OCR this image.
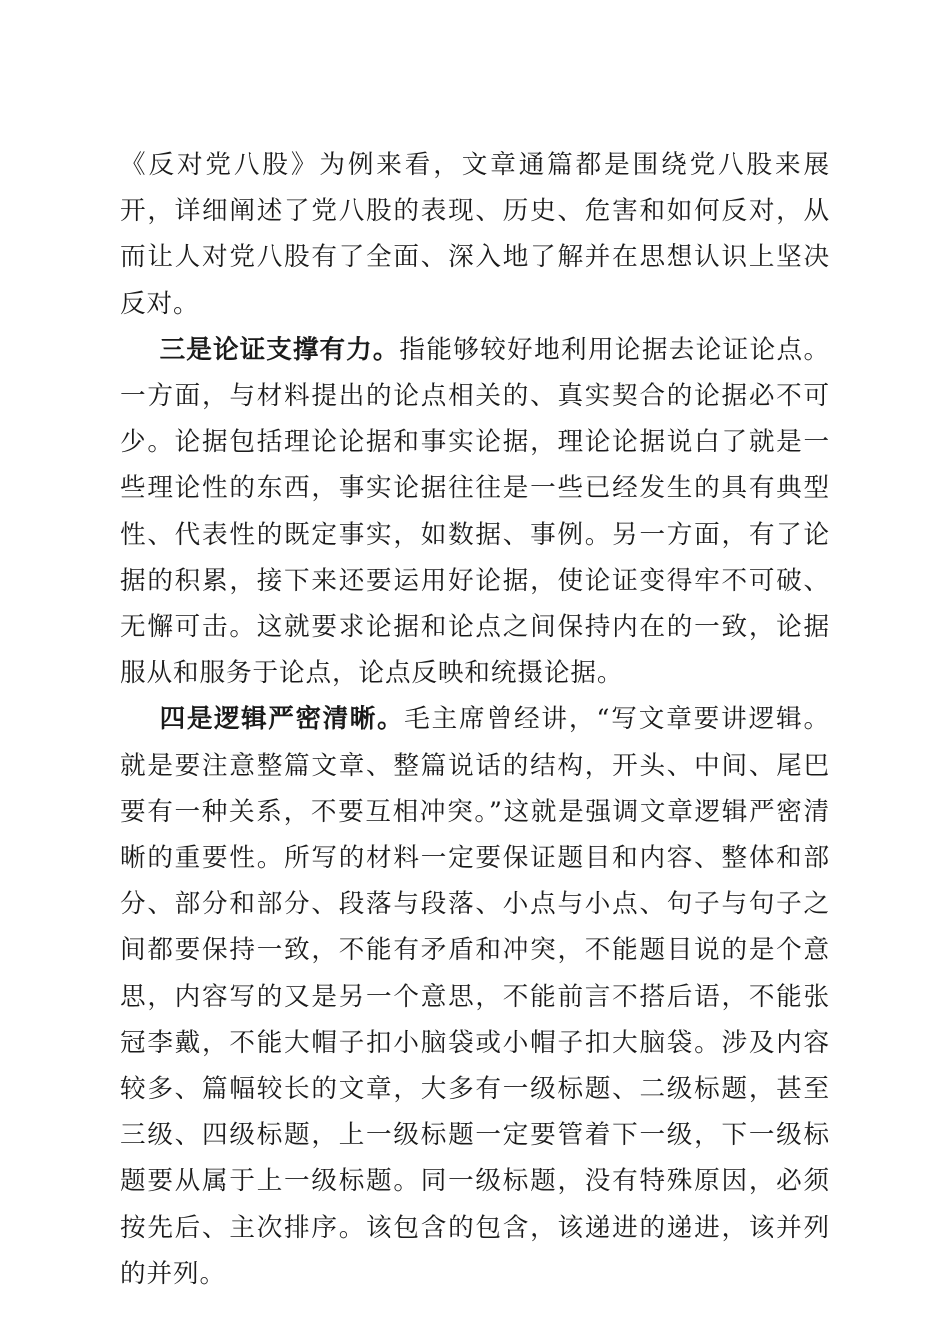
《反对党八股》为例来看，文章通篇都是围绕党八股来展开，详细阐述了党八股的表现、历史、危害和如何反对，从而让人对党八股有了全面、深入地了解并在思想认识上坚决反对。

三是论证支撑有力。指能够较好地利用论据去论证论点。一方面，与材料提出的论点相关的、真实契合的论据必不可少。论据包括理论论据和事实论据，理论论据说白了就是一些理论性的东西，事实论据往往是一些已经发生的具有典型性、代表性的既定事实，如数据、事例。另一方面，有了论据的积累，接下来还要运用好论据，使论证变得牢不可破、无懈可击。这就要求论据和论点之间保持内在的一致，论据服从和服务于论点，论点反映和统摄论据。

四是逻辑严密清晰。毛主席曾经讲，“写文章要讲逻辑。就是要注意整篇文章、整篇说话的结构，开头、中间、尾巴要有一种关系，不要互相冲突。”这就是强调文章逻辑严密清晰的重要性。所写的材料一定要保证题目和内容、整体和部分、部分和部分、段落与段落、小点与小点、句子与句子之间都要保持一致，不能有矛盾和冲突，不能题目说的是个意思，内容写的又是另一个意思，不能前言不搭后语，不能张冠李戴，不能大帽子扣小脑袋或小帽子扣大脑袋。涉及内容较多、篇幅较长的文章，大多有一级标题、二级标题，甚至三级、四级标题，上一级标题一定要管着下一级，下一级标题要从属于上一级标题。同一级标题，没有特殊原因，必须按先后、主次排序。该包含的包含，该递进的递进，该并列的并列。
